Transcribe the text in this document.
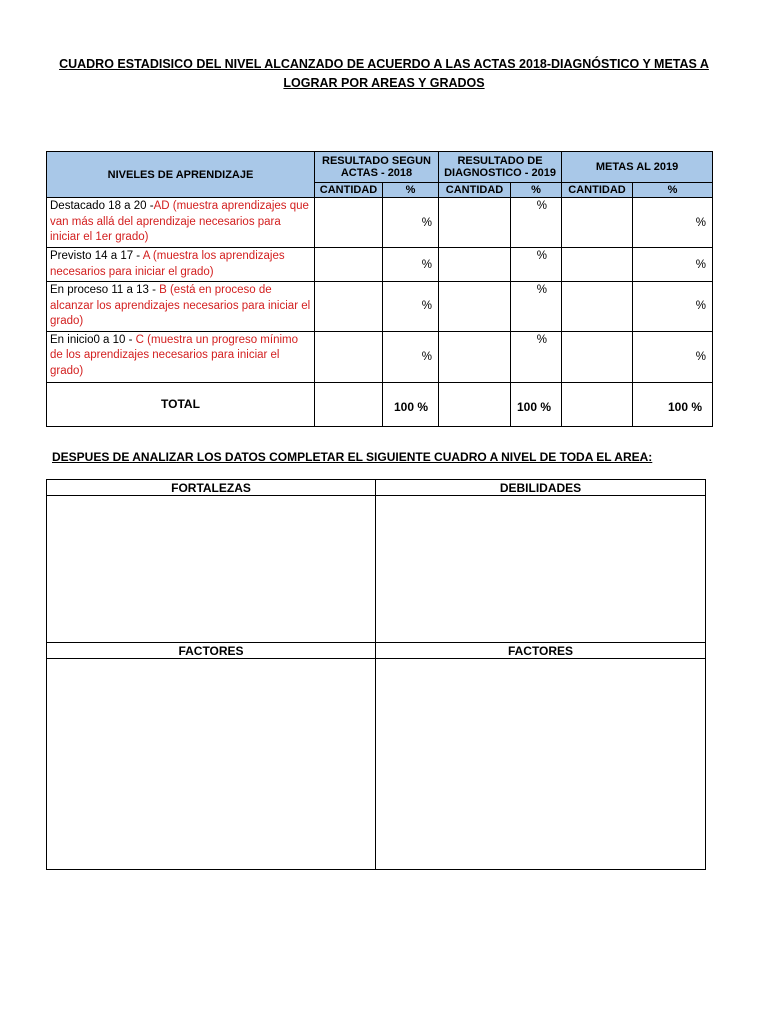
CUADRO ESTADISICO DEL NIVEL ALCANZADO DE ACUERDO A LAS ACTAS 2018-DIAGNÓSTICO Y METAS A LOGRAR POR AREAS Y GRADOS
NIVELES DE APRENDIZAJE	RESULTADO SEGUN ACTAS - 2018		RESULTADO DE DIAGNOSTICO - 2019		METAS AL 2019	
	CANTIDAD	%	CANTIDAD	%	CANTIDAD	%
Destacado 18 a 20 -AD (muestra aprendizajes que van más allá del aprendizaje necesarios para iniciar el 1er grado)		%		%		%
Previsto 14 a 17 - A (muestra los aprendizajes necesarios para iniciar el grado)		%		%		%
En proceso 11 a 13 - B (está en proceso de alcanzar los aprendizajes necesarios para iniciar el grado)		%		%		%
En inicio0 a 10 - C (muestra un progreso mínimo de los aprendizajes necesarios para iniciar el grado)		%		%		%
TOTAL		100 %		100 %		100 %
DESPUES DE ANALIZAR LOS DATOS COMPLETAR EL SIGUIENTE CUADRO A NIVEL DE TODA EL AREA:
FORTALEZAS	DEBILIDADES

FACTORES	FACTORES
